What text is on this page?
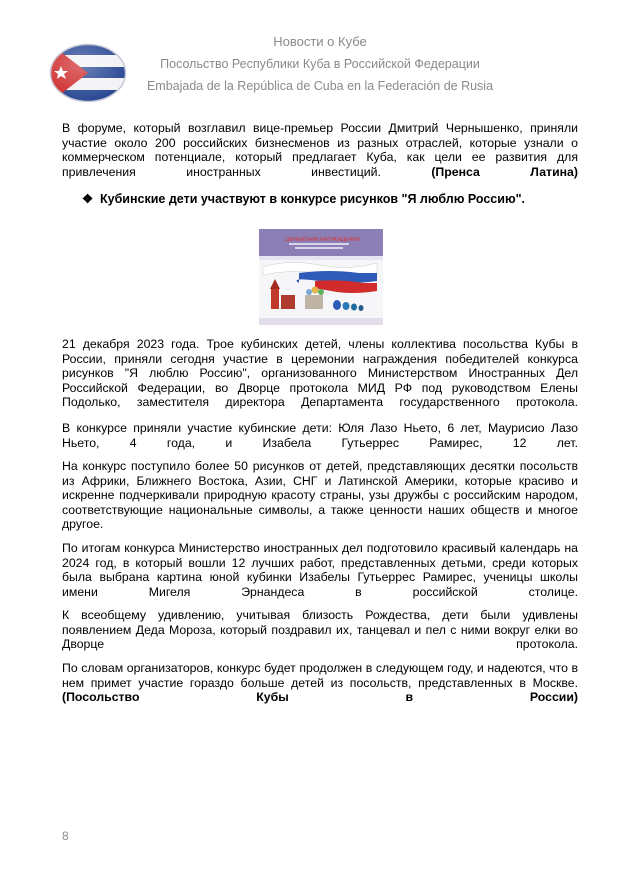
Новости о Кубе
Посольство Республики Куба в Российской Федерации
Embajada de la República de Cuba en la Federación de Rusia
В форуме, который возглавил вице-премьер России Дмитрий Чернышенко, приняли участие около 200 российских бизнесменов из разных отраслей, которые узнали о коммерческом потенциале, который предлагает Куба, как цели ее развития для привлечения иностранных инвестиций. (Пренса Латина)
❖ Кубинские дети участвуют в конкурсе рисунков "Я люблю Россию".
ЦЕРЕМОНИЯ НАГРАЖДЕНИЯ
21 декабря 2023 года. Трое кубинских детей, члены коллектива посольства Кубы в России, приняли сегодня участие в церемонии награждения победителей конкурса рисунков "Я люблю Россию", организованного Министерством Иностранных Дел Российской Федерации, во Дворце протокола МИД РФ под руководством Елены Подолько, заместителя директора Департамента государственного протокола.
В конкурсе приняли участие кубинские дети: Юля Лазо Ньето, 6 лет, Маурисио Лазо Ньето, 4 года, и Изабела Гутьеррес Рамирес, 12 лет.
На конкурс поступило более 50 рисунков от детей, представляющих десятки посольств из Африки, Ближнего Востока, Азии, СНГ и Латинской Америки, которые красиво и искренне подчеркивали природную красоту страны, узы дружбы с российским народом, соответствующие национальные символы, а также ценности наших обществ и многое другое.
По итогам конкурса Министерство иностранных дел подготовило красивый календарь на 2024 год, в который вошли 12 лучших работ, представленных детьми, среди которых была выбрана картина юной кубинки Изабелы Гутьеррес Рамирес, ученицы школы имени Мигеля Эрнандеса в российской столице.
К всеобщему удивлению, учитывая близость Рождества, дети были удивлены появлением Деда Мороза, который поздравил их, танцевал и пел с ними вокруг елки во Дворце протокола.
По словам организаторов, конкурс будет продолжен в следующем году, и надеются, что в нем примет участие гораздо больше детей из посольств, представленных в Москве. (Посольство Кубы в России)
8
